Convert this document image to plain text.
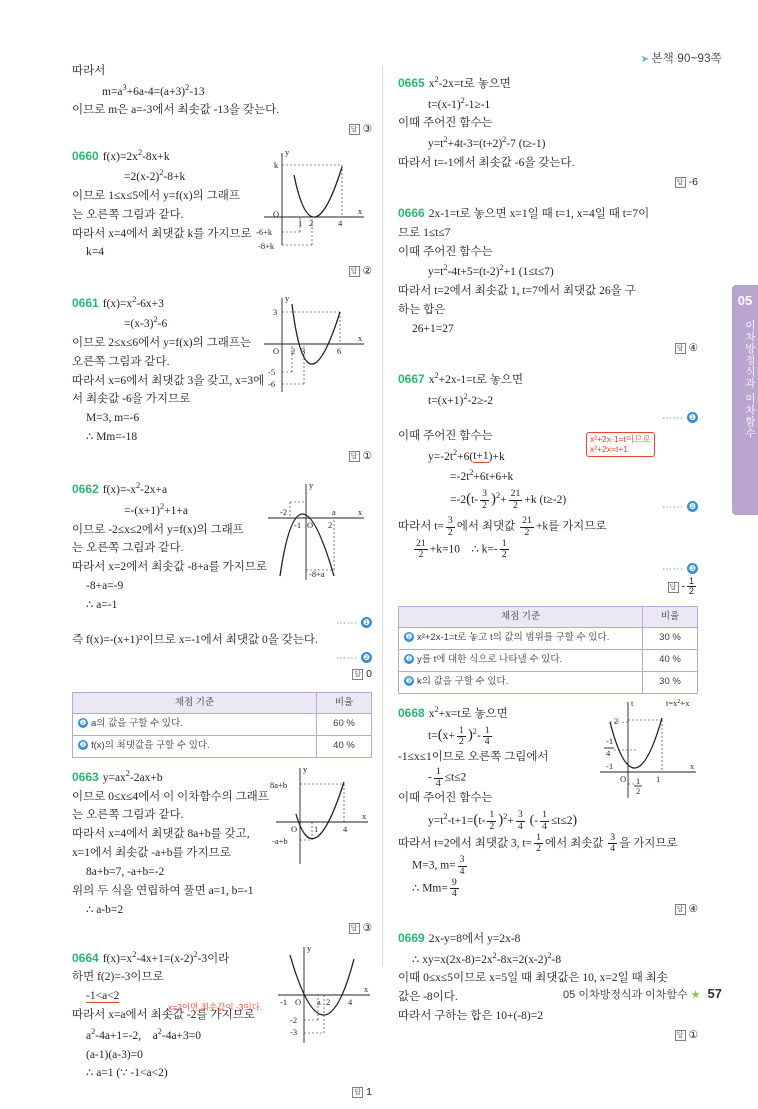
➤ 본책 90~93쪽
05
이차방정식과 이차함수
따라서
$m=a^3+6a-4=(a+3)^2-13$
이므로 m은 a=-3에서 최솟값 -13을 갖는다.
답 ③
0660 $f(x)=2x^2-8x+k$
$=2(x-2)^2-8+k$
이므로 1≤x≤5에서 y=f(x)의 그래프
는 오른쪽 그림과 같다.
따라서 x=4에서 최댓값 k를 가지므로
k=4
답 ②
y
x
O
k
1 2	4
-6+k
-8+k
0661 $f(x)=x^2-6x+3$
$=(x-3)^2-6$
이므로 2≤x≤6에서 y=f(x)의 그래프는
오른쪽 그림과 같다.
따라서 x=6에서 최댓값 3을 갖고, x=3에
서 최솟값 -6을 가지므로
M=3, m=-6
∴ Mm=-18
답 ①
y
x
O
3
2 3	6
-5
-6
0662 $f(x)=-x^2-2x+a$
$=-(x+1)^2+1+a$
이므로 -2≤x≤2에서 y=f(x)의 그래프
는 오른쪽 그림과 같다.
따라서 x=2에서 최솟값 -8+a를 가지므로
-8+a=-9
∴ a=-1
⋯⋯ ❶
즉 f(x)=-(x+1)²이므로 x=-1에서 최댓값 0을 갖는다.
⋯⋯ ❷
답 0
y
x
O
-2
-1	2
a
-8+a
채점 기준	비율
❶ a의 값을 구할 수 있다.	60 %
❷ f(x)의 최댓값을 구할 수 있다.	40 %
0663 $y=ax^2-2ax+b$
이므로 0≤x≤4에서 이 이차함수의 그래프
는 오른쪽 그림과 같다.
따라서 x=4에서 최댓값 8a+b를 갖고,
x=1에서 최솟값 -a+b를 가지므로
8a+b=7, -a+b=-2
위의 두 식을 연립하여 풀면 a=1, b=-1
∴ a-b=2
답 ③
y
x
O
8a+b
1	4
-a+b
0664 $f(x)=x^2-4x+1=(x-2)^2-3$이라
하면 f(2)=-3이므로
-1<a<2
x=2이면 최솟값이 -3이다.
따라서 x=a에서 최솟값 -2를 가지므로
$a^2-4a+1=-2$,    $a^2-4a+3=0$
(a-1)(a-3)=0
∴ a=1 (∵ -1<a<2)
답 1
y
x
O
-1	a 2 4
-2
-3
0665 $x^2-2x=t$로 놓으면
$t=(x-1)^2-1\ge-1$
이때 주어진 함수는
$y=t^2+4t-3=(t+2)^2-7$ (t≥-1)
따라서 t=-1에서 최솟값 -6을 갖는다.
답 -6
0666 2x-1=t로 놓으면 x=1일 때 t=1, x=4일 때 t=7이
므로 1≤t≤7
이때 주어진 함수는
$y=t^2-4t+5=(t-2)^2+1$ (1≤t≤7)
따라서 t=2에서 최솟값 1, t=7에서 최댓값 26을 구
하는 합은
26+1=27
답 ④
0667 $x^2+2x-1=t$로 놓으면
$t=(x+1)^2-2\ge-2$
⋯⋯ ❶
이때 주어진 함수는
$y=-2t^2+6(t+1)+k$
x²+2x-1=t이므로
x²+2x=t+1
$=-2t^2+6t+6+k$
$=-2(t- \frac{3}{2} )^2+ \frac{21}{2} +k$ (t≥-2)
⋯⋯ ❷
따라서 $t= \frac{3}{2}$ 에서 최댓값 $\frac{21}{2} +k$를 가지므로
$\frac{21}{2} +k=10$    ∴ $k=- \frac{1}{2}$
⋯⋯ ❸
답 - $\frac{1}{2}$
채점 기준	비율
❶ x²+2x-1=t로 놓고 t의 값의 범위를 구할 수 있다.	30 %
❷ y를 t에 대한 식으로 나타낼 수 있다.	40 %
❸ k의 값을 구할 수 있다.	30 %
0668 $x^2+x=t$로 놓으면
$t=(x+ \frac{1}{2} )^2- \frac{1}{4}$
-1≤x≤1이므로 오른쪽 그림에서
- $\frac{1}{4} \le t\le 2$
이때 주어진 함수는
$y=t^2-t+1=(t- \frac{1}{2} )^2+ \frac{3}{4}$ (- $\frac{1}{4} \le t\le 2$)
따라서 t=2에서 최댓값 3, $t= \frac{1}{2}$ 에서 최솟값 $\frac{3}{4}$ 을 가지므로
M=3, $m= \frac{3}{4}$
∴ $Mm= \frac{9}{4}$
답 ④
t
x
O
-1
$t=x^2+x$
1
2
1
-1
4
2
0669 2x-y=8에서 y=2x-8
∴ $xy=x(2x-8)=2x^2-8x=2(x-2)^2-8$
이때 0≤x≤5이므로 x=5일 때 최댓값은 10, x=2일 때 최솟
값은 -8이다.
따라서 구하는 합은 10+(-8)=2
답 ①
05 이차방정식과 이차함수 ★ 57
